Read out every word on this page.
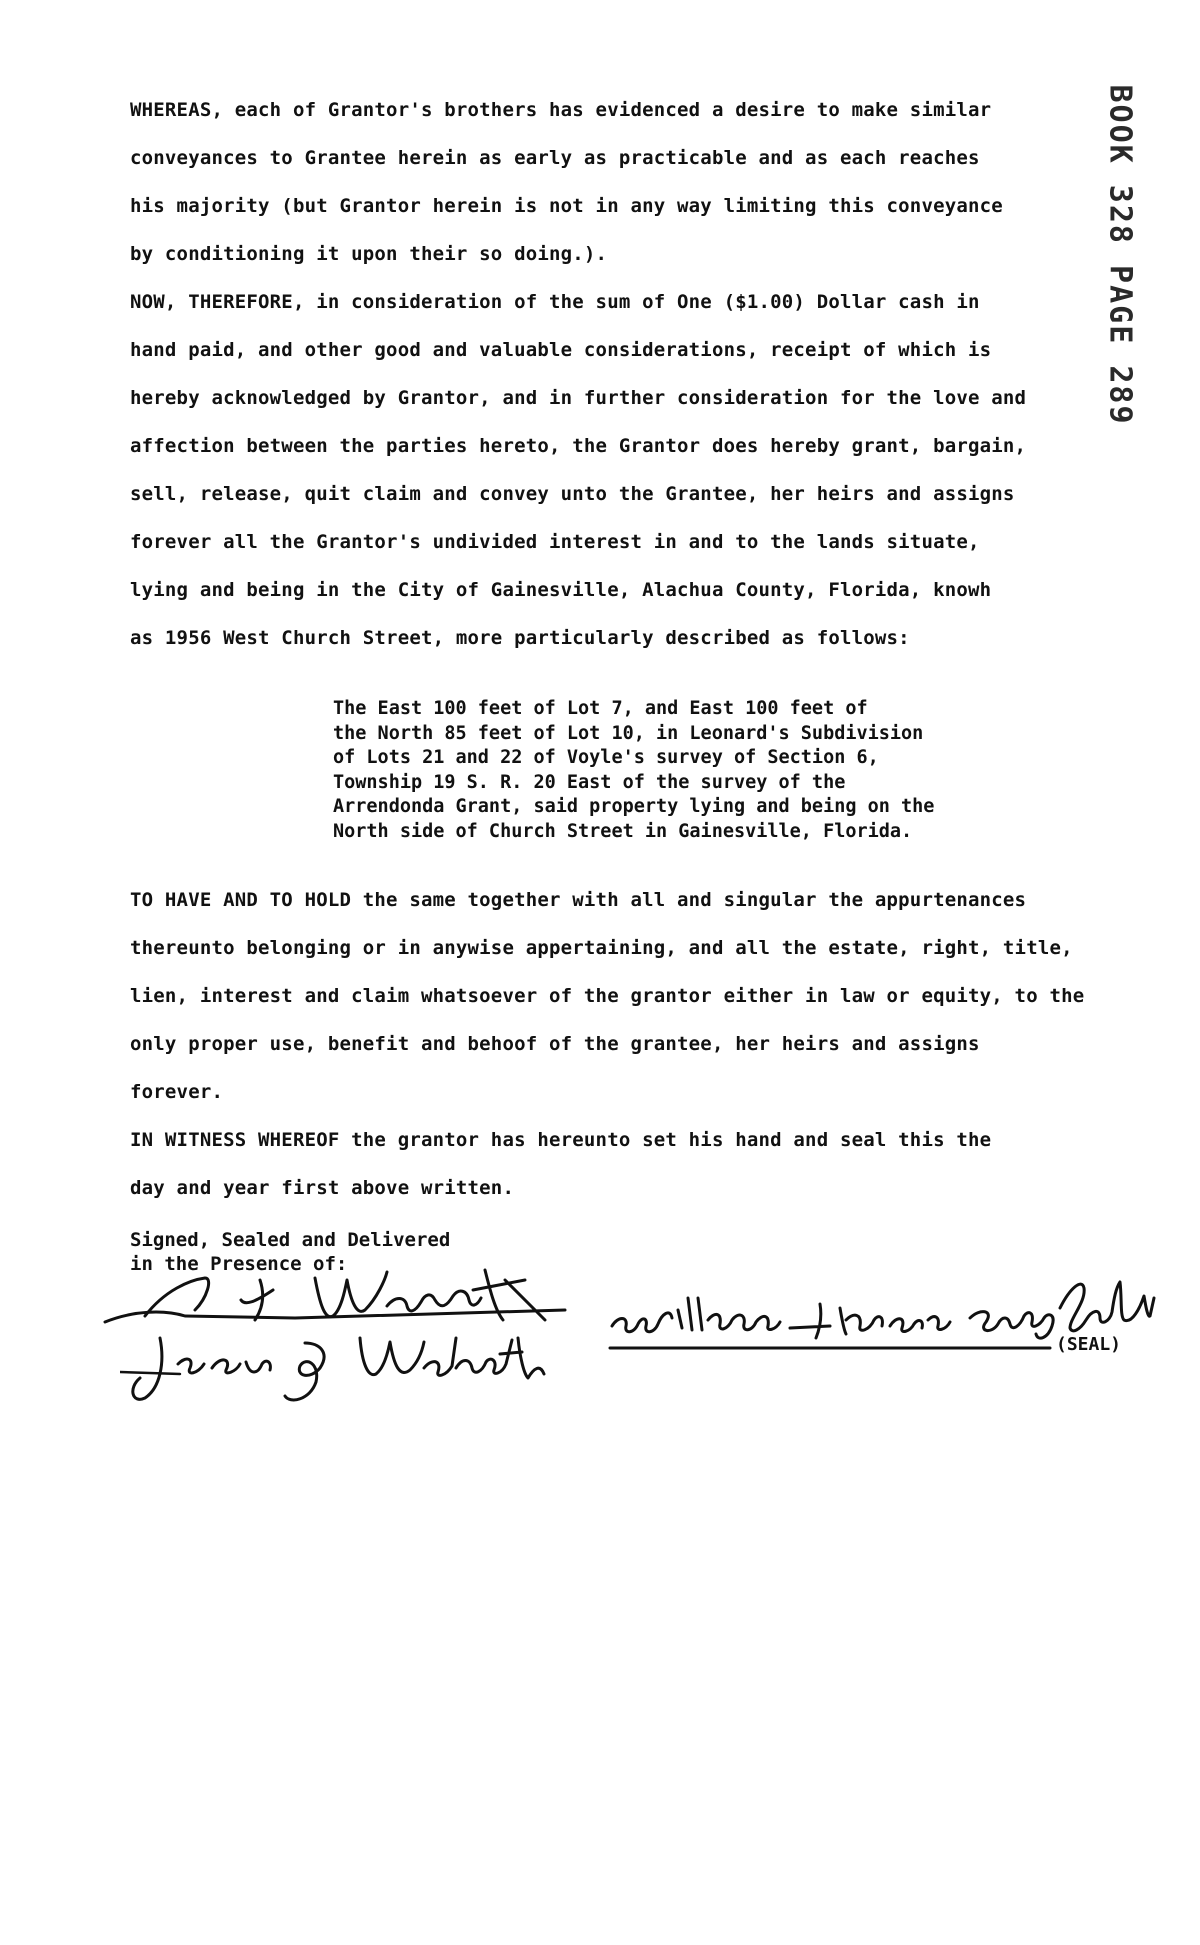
BOOK 328 PAGE 289
WHEREAS, each of Grantor's brothers has evidenced a desire to make similar
conveyances to Grantee herein as early as practicable and as each reaches
his majority (but Grantor herein is not in any way limiting this conveyance
by conditioning it upon their so doing.).
NOW, THEREFORE, in consideration of the sum of One ($1.00) Dollar cash in
hand paid, and other good and valuable considerations, receipt of which is
hereby acknowledged by Grantor, and in further consideration for the love and
affection between the parties hereto, the Grantor does hereby grant, bargain,
sell, release, quit claim and convey unto the Grantee, her heirs and assigns
forever all the Grantor's undivided interest in and to the lands situate,
lying and being in the City of Gainesville, Alachua County, Florida, knowh
as 1956 West Church Street, more particularly described as follows:
The East 100 feet of Lot 7, and East 100 feet of
the North 85 feet of Lot 10, in Leonard's Subdivision
of Lots 21 and 22 of Voyle's survey of Section 6,
Township 19 S. R. 20 East of the survey of the
Arrendonda Grant, said property lying and being on the
North side of Church Street in Gainesville, Florida.
TO HAVE AND TO HOLD the same together with all and singular the appurtenances
thereunto belonging or in anywise appertaining, and all the estate, right, title,
lien, interest and claim whatsoever of the grantor either in law or equity, to the
only proper use, benefit and behoof of the grantee, her heirs and assigns
forever.
IN WITNESS WHEREOF the grantor has hereunto set his hand and seal this the
day and year first above written.
Signed, Sealed and Delivered
in the Presence of:
(SEAL)
